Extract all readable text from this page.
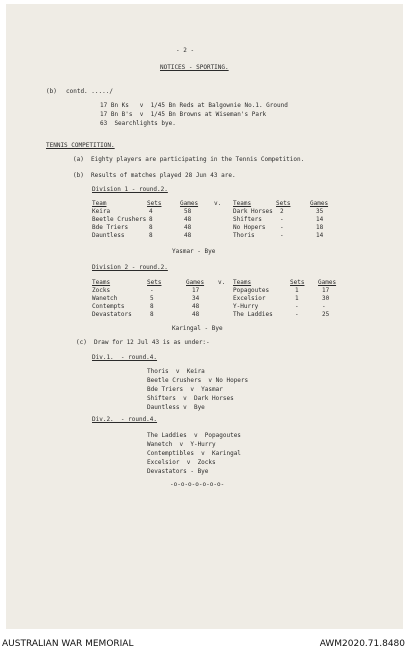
- 2 -
NOTICES - SPORTING.
(b) contd. ...../
17 Bn Ks   v  1/45 Bn Reds at Balgownie No.1. Ground
17 Bn B's  v  1/45 Bn Browns at Wiseman's Park
63  Searchlights bye.
TENNIS COMPETITION.
(a)  Eighty players are participating in the Tennis Competition.
(b)  Results of matches played 28 Jun 43 are.
Division 1 - round.2.
Team	Sets	Games	v. Teams	Sets	Games
Keira	4	58	Dark Horses 2	35
Beetle Crushers 8	48	Shifters	-	14
Bde Triers	8	48	No Hopers -	18
Dauntless	8	48	Thoris	-	14
Yasmar - Bye
Division 2 - round.2.
Teams	Sets	Games v. Teams	Sets Games
Zocks	-	17	Popagoutes	1	17
Wanetch	5	34	Excelsior	1	30
Contempts	8	48	Y-Hurry	-	-
Devastators	8	48	The Laddies	-	25
Karingal - Bye
(c)  Draw for 12 Jul 43 is as under:-
Div.1.  - round.4.
Thoris  v  Keira
Beetle Crushers  v No Hopers
Bde Triers  v  Yasmar
Shifters  v  Dark Horses
Dauntless v  Bye
Div.2.  - round.4.
The Laddies  v  Popagoutes
Wanetch  v  Y-Hurry
Contemptibles  v  Karingal
Excelsior  v  Zocks
Devastators - Bye
-o-o-o-o-o-o-o-
AUSTRALIAN WAR MEMORIAL	AWM2020.71.8480
